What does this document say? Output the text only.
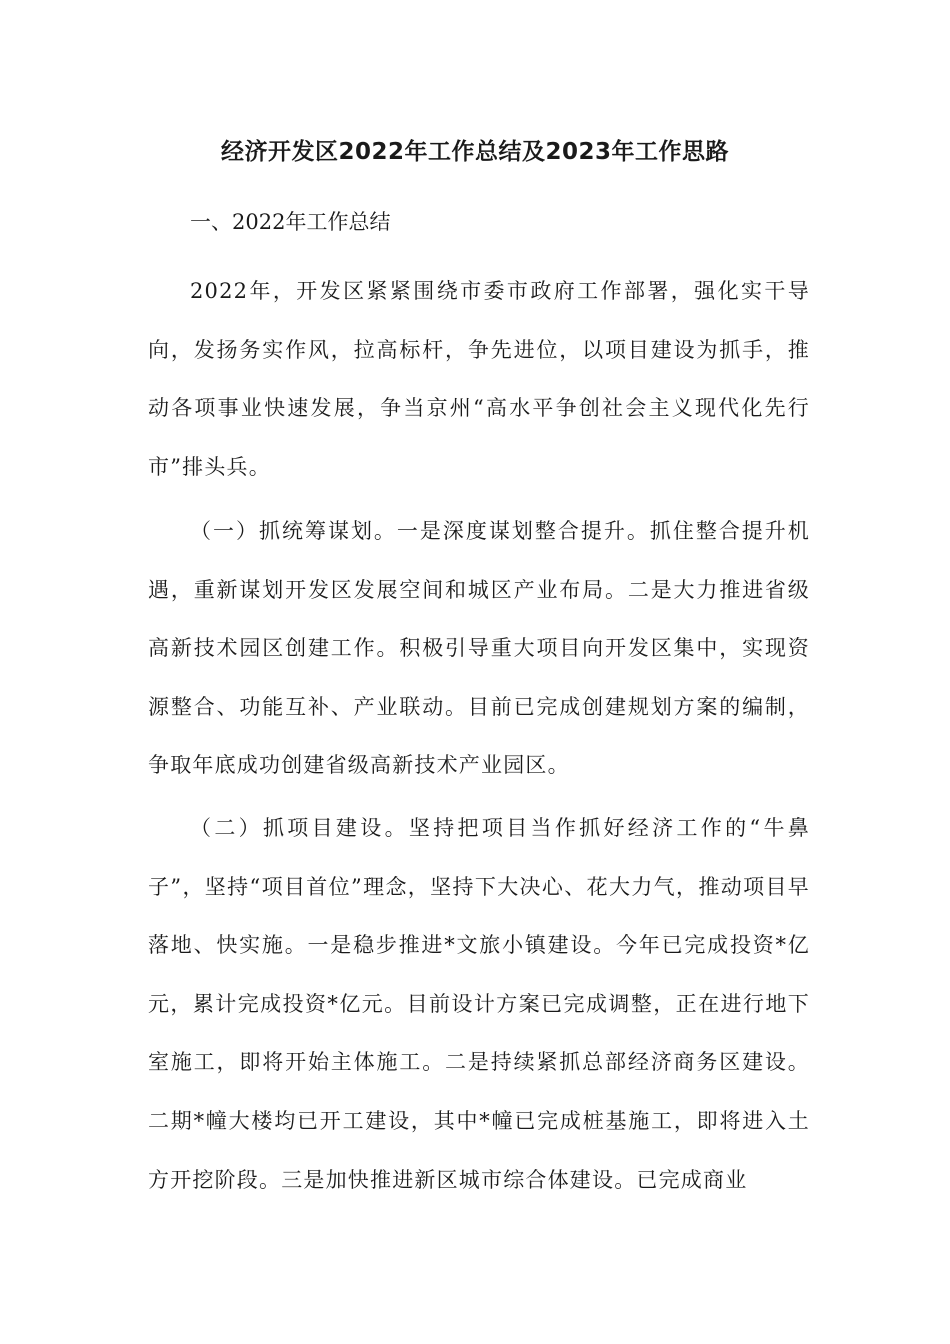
经济开发区2022年工作总结及2023年工作思路

一、2022年工作总结

2022年，开发区紧紧围绕市委市政府工作部署，强化实干导向，发扬务实作风，拉高标杆，争先进位，以项目建设为抓手，推动各项事业快速发展，争当京州“高水平争创社会主义现代化先行市”排头兵。

（一）抓统筹谋划。一是深度谋划整合提升。抓住整合提升机遇，重新谋划开发区发展空间和城区产业布局。二是大力推进省级高新技术园区创建工作。积极引导重大项目向开发区集中，实现资源整合、功能互补、产业联动。目前已完成创建规划方案的编制，争取年底成功创建省级高新技术产业园区。

（二）抓项目建设。坚持把项目当作抓好经济工作的“牛鼻子”，坚持“项目首位”理念，坚持下大决心、花大力气，推动项目早落地、快实施。一是稳步推进*文旅小镇建设。今年已完成投资*亿元，累计完成投资*亿元。目前设计方案已完成调整，正在进行地下室施工，即将开始主体施工。二是持续紧抓总部经济商务区建设。二期*幢大楼均已开工建设，其中*幢已完成桩基施工，即将进入土方开挖阶段。三是加快推进新区城市综合体建设。已完成商业
